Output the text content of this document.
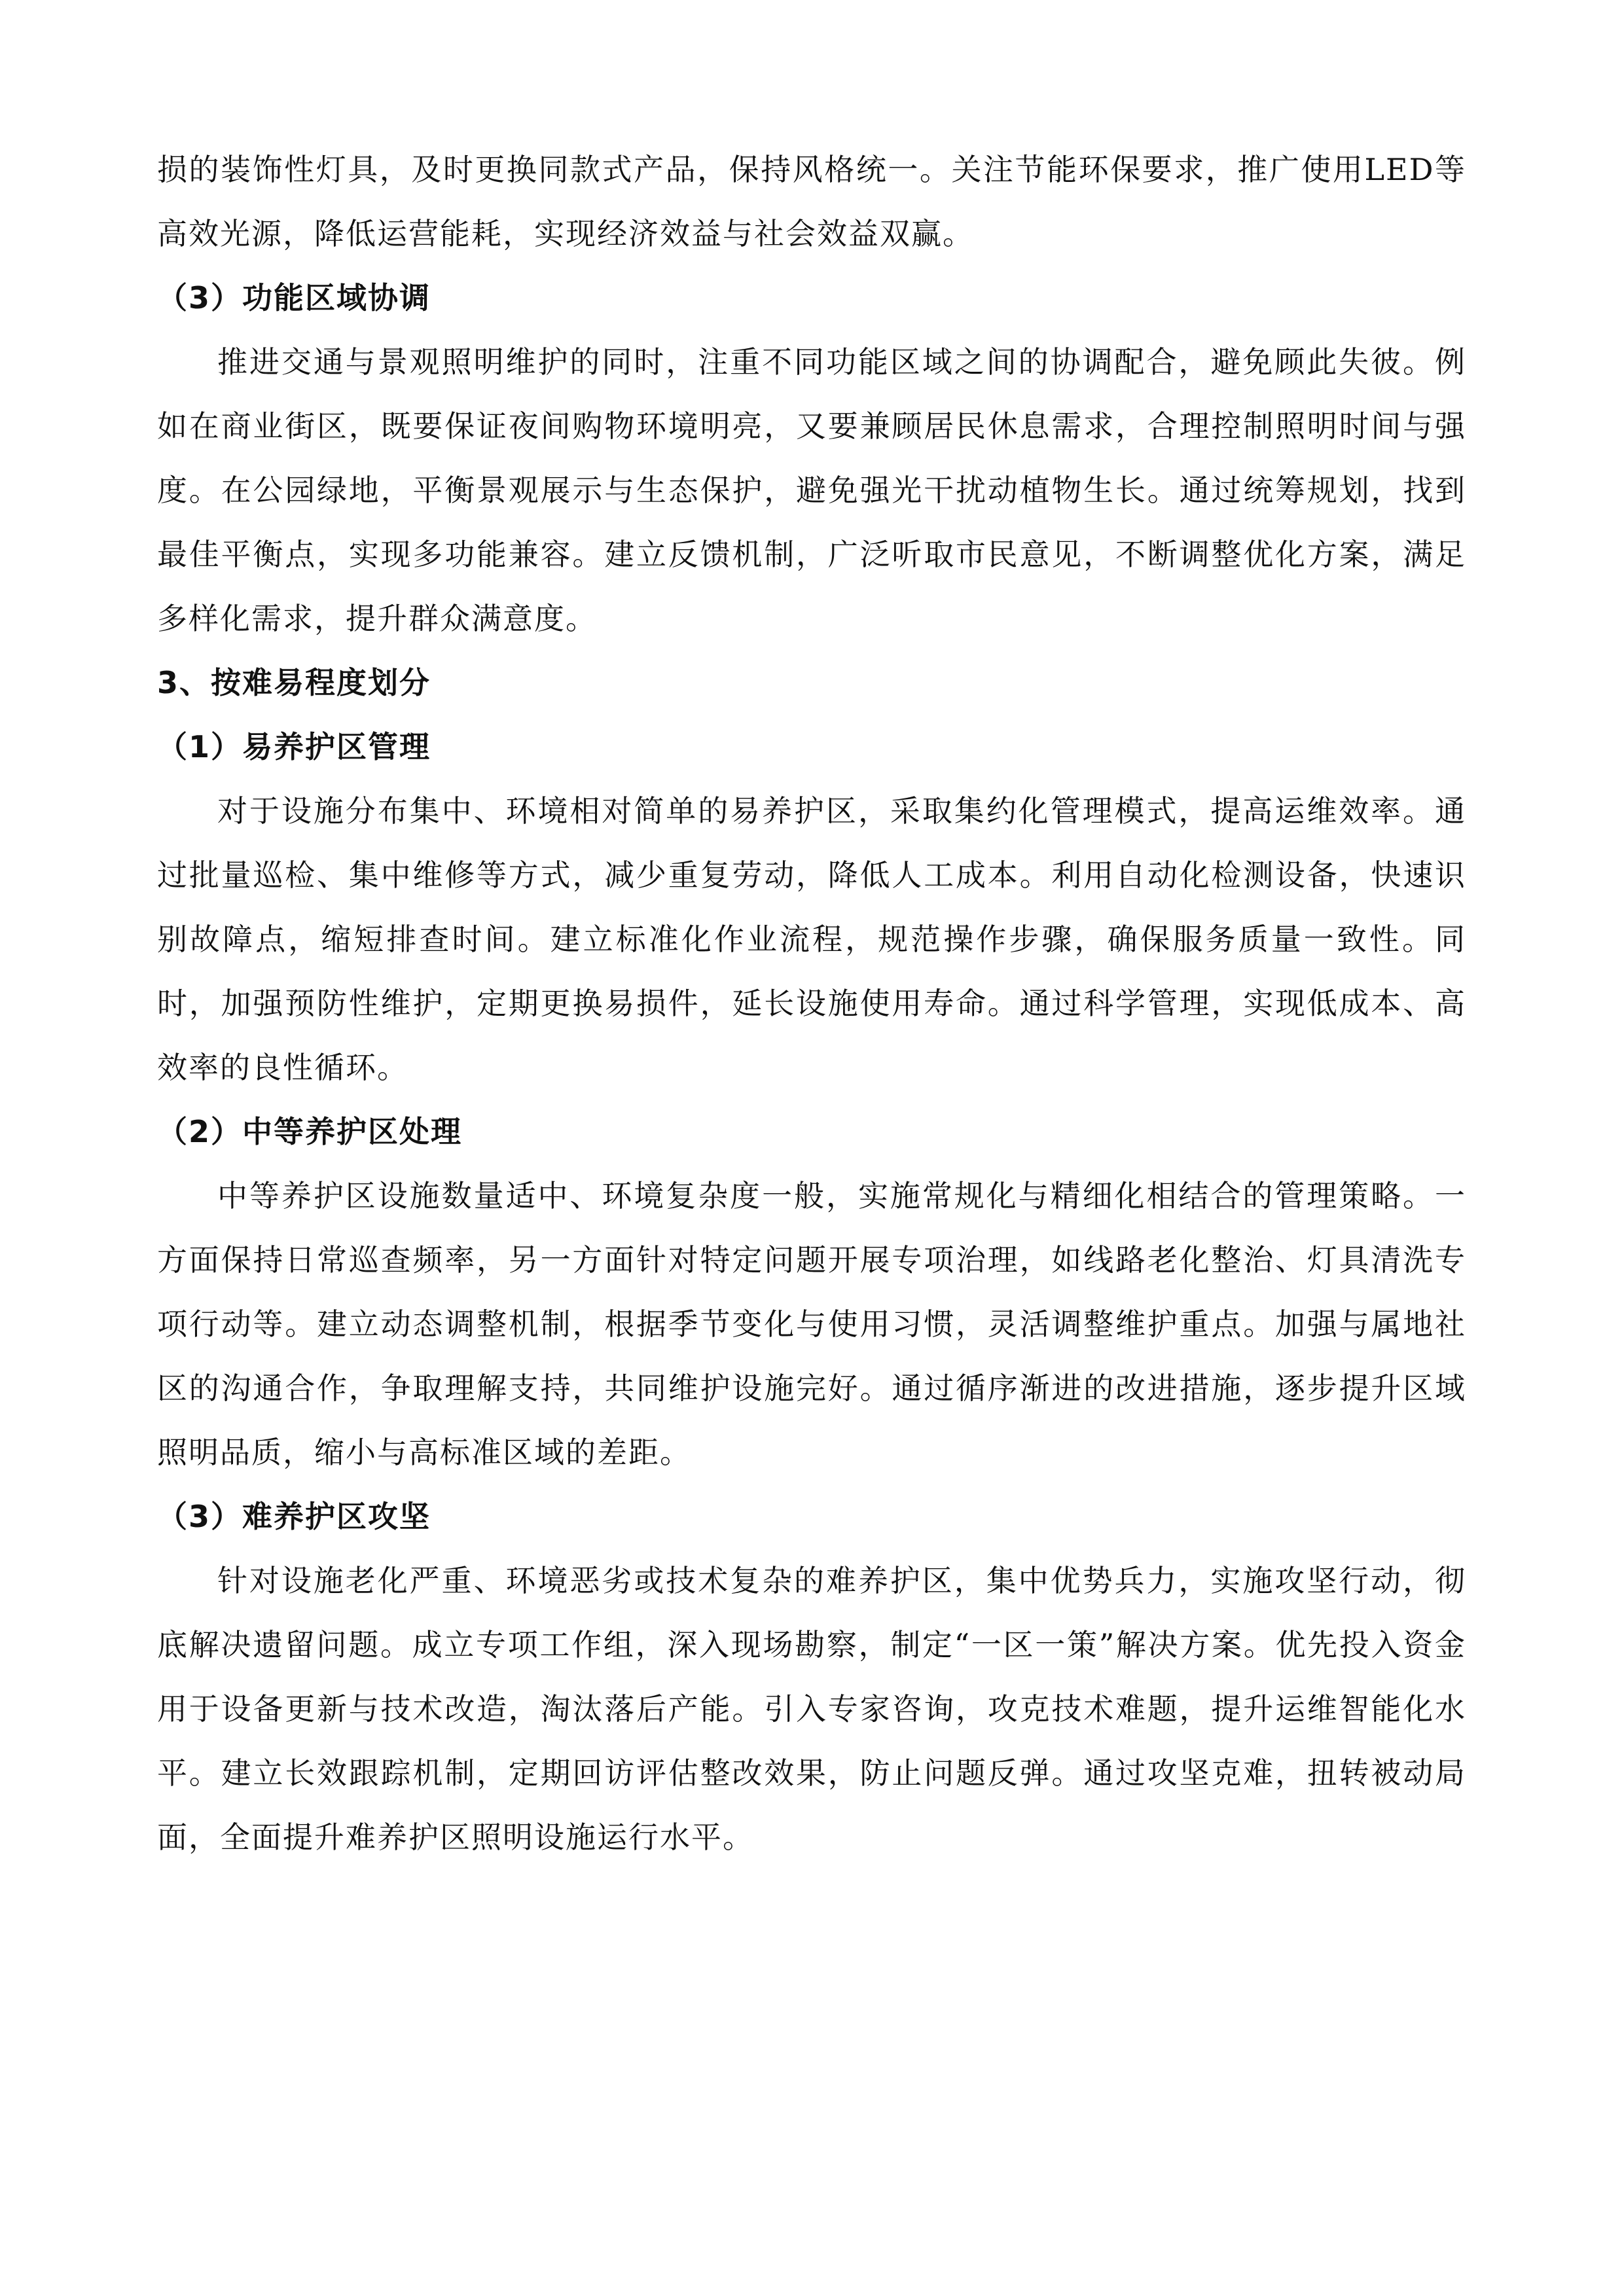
损的装饰性灯具，及时更换同款式产品，保持风格统一。关注节能环保要求，推广使用LED等高效光源，降低运营能耗，实现经济效益与社会效益双赢。

（3）功能区域协调

推进交通与景观照明维护的同时，注重不同功能区域之间的协调配合，避免顾此失彼。例如在商业街区，既要保证夜间购物环境明亮，又要兼顾居民休息需求，合理控制照明时间与强度。在公园绿地，平衡景观展示与生态保护，避免强光干扰动植物生长。通过统筹规划，找到最佳平衡点，实现多功能兼容。建立反馈机制，广泛听取市民意见，不断调整优化方案，满足多样化需求，提升群众满意度。

3、按难易程度划分

（1）易养护区管理

对于设施分布集中、环境相对简单的易养护区，采取集约化管理模式，提高运维效率。通过批量巡检、集中维修等方式，减少重复劳动，降低人工成本。利用自动化检测设备，快速识别故障点，缩短排查时间。建立标准化作业流程，规范操作步骤，确保服务质量一致性。同时，加强预防性维护，定期更换易损件，延长设施使用寿命。通过科学管理，实现低成本、高效率的良性循环。

（2）中等养护区处理

中等养护区设施数量适中、环境复杂度一般，实施常规化与精细化相结合的管理策略。一方面保持日常巡查频率，另一方面针对特定问题开展专项治理，如线路老化整治、灯具清洗专项行动等。建立动态调整机制，根据季节变化与使用习惯，灵活调整维护重点。加强与属地社区的沟通合作，争取理解支持，共同维护设施完好。通过循序渐进的改进措施，逐步提升区域照明品质，缩小与高标准区域的差距。

（3）难养护区攻坚

针对设施老化严重、环境恶劣或技术复杂的难养护区，集中优势兵力，实施攻坚行动，彻底解决遗留问题。成立专项工作组，深入现场勘察，制定“一区一策”解决方案。优先投入资金用于设备更新与技术改造，淘汰落后产能。引入专家咨询，攻克技术难题，提升运维智能化水平。建立长效跟踪机制，定期回访评估整改效果，防止问题反弹。通过攻坚克难，扭转被动局面，全面提升难养护区照明设施运行水平。
